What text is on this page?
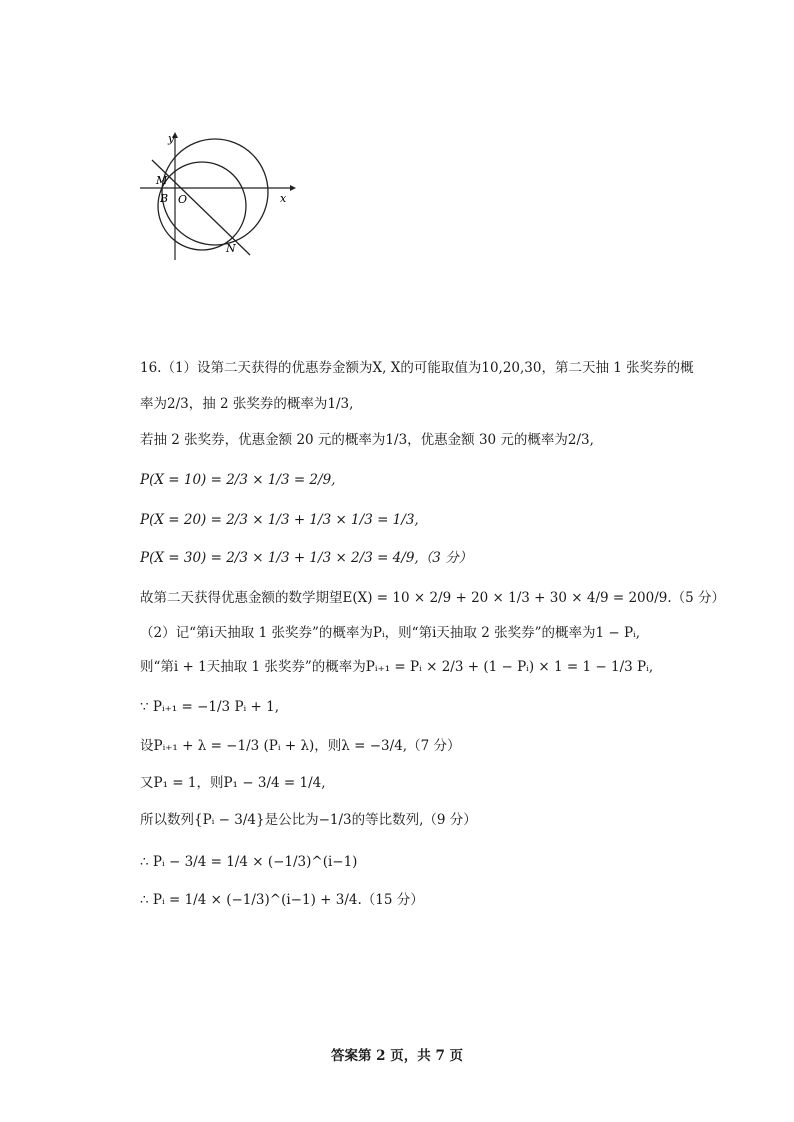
y
x
M
B O
N
16.（1）设第二天获得的优惠券金额为X, X的可能取值为10,20,30，第二天抽 1 张奖券的概
率为2/3，抽 2 张奖券的概率为1/3,
若抽 2 张奖券，优惠金额 20 元的概率为1/3，优惠金额 30 元的概率为2/3,
P(X = 10) = 2/3 × 1/3 = 2/9,
P(X = 20) = 2/3 × 1/3 + 1/3 × 1/3 = 1/3,
P(X = 30) = 2/3 × 1/3 + 1/3 × 2/3 = 4/9,（3 分）
故第二天获得优惠金额的数学期望E(X) = 10 × 2/9 + 20 × 1/3 + 30 × 4/9 = 200/9.（5 分）
（2）记“第i天抽取 1 张奖券”的概率为Pᵢ，则“第i天抽取 2 张奖券”的概率为1 − Pᵢ,
则“第i + 1天抽取 1 张奖券”的概率为Pᵢ₊₁ = Pᵢ × 2/3 + (1 − Pᵢ) × 1 = 1 − 1/3 Pᵢ,
∵ Pᵢ₊₁ = −1/3 Pᵢ + 1,
设Pᵢ₊₁ + λ = −1/3 (Pᵢ + λ)，则λ = −3/4,（7 分）
又P₁ = 1，则P₁ − 3/4 = 1/4,
所以数列{Pᵢ − 3/4}是公比为−1/3的等比数列,（9 分）
∴ Pᵢ − 3/4 = 1/4 × (−1/3)^(i−1)
∴ Pᵢ = 1/4 × (−1/3)^(i−1) + 3/4.（15 分）
答案第 2 页，共 7 页
